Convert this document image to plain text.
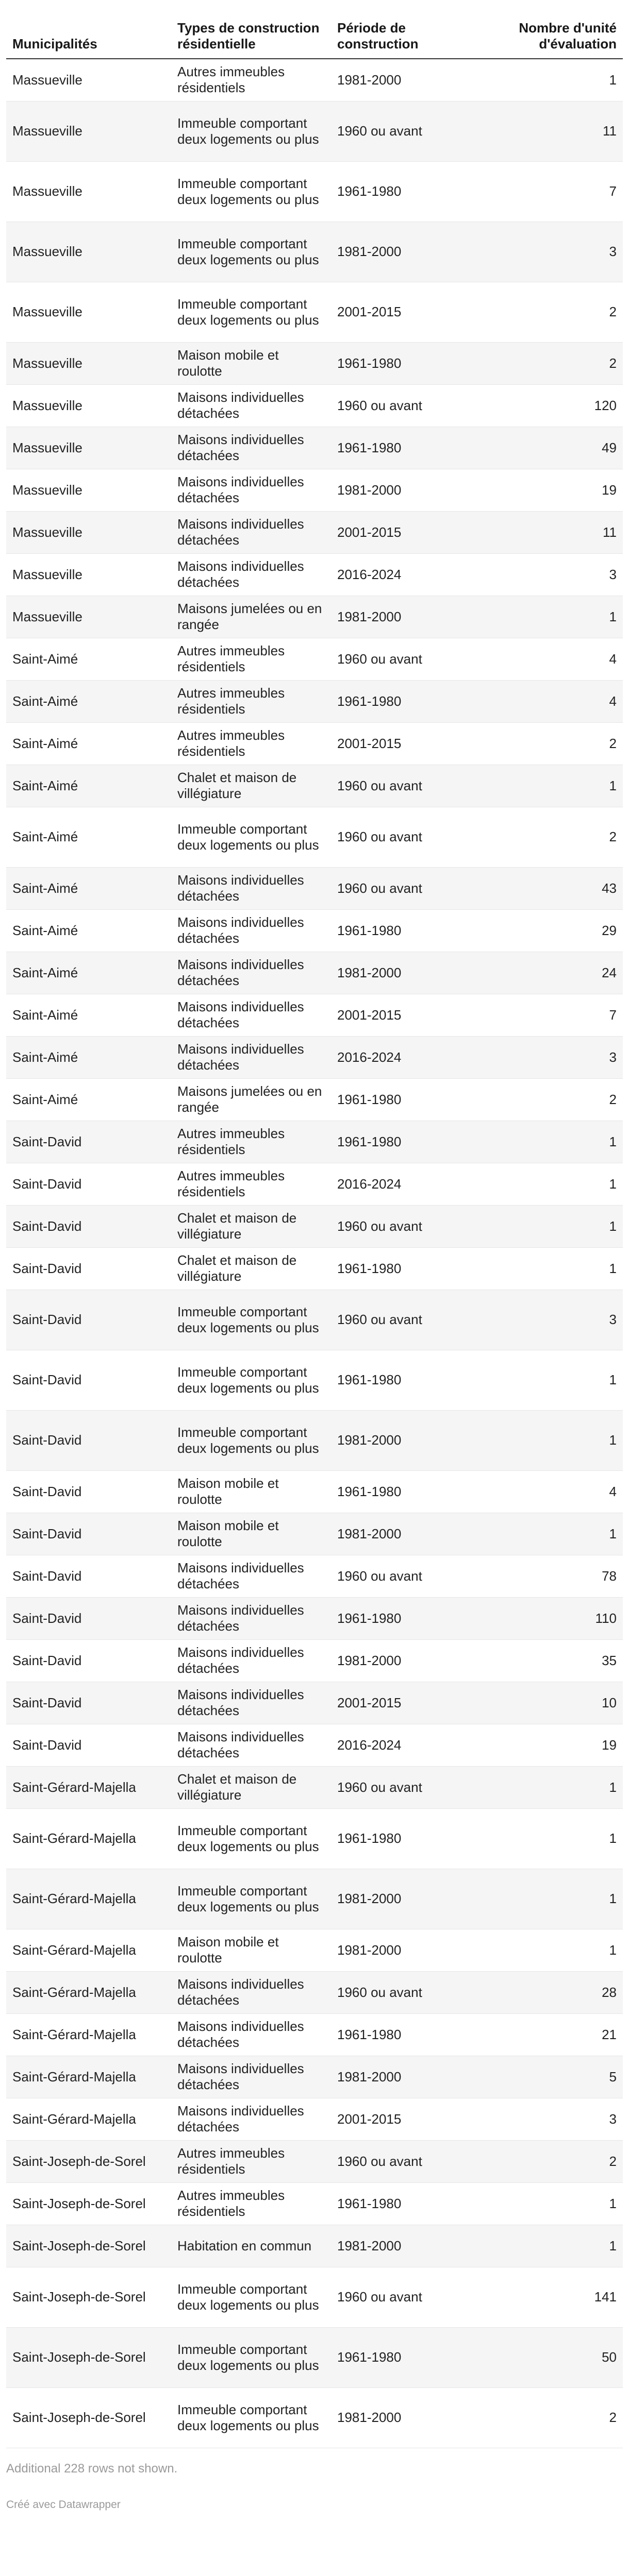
Municipalités	Types de construction résidentielle	Période de construction	Nombre d'unité d'évaluation
Massueville	Autres immeubles résidentiels	1981-2000	1
Massueville	Immeuble comportant deux logements ou plus	1960 ou avant	11
Massueville	Immeuble comportant deux logements ou plus	1961-1980	7
Massueville	Immeuble comportant deux logements ou plus	1981-2000	3
Massueville	Immeuble comportant deux logements ou plus	2001-2015	2
Massueville	Maison mobile et roulotte	1961-1980	2
Massueville	Maisons individuelles détachées	1960 ou avant	120
Massueville	Maisons individuelles détachées	1961-1980	49
Massueville	Maisons individuelles détachées	1981-2000	19
Massueville	Maisons individuelles détachées	2001-2015	11
Massueville	Maisons individuelles détachées	2016-2024	3
Massueville	Maisons jumelées ou en rangée	1981-2000	1
Saint-Aimé	Autres immeubles résidentiels	1960 ou avant	4
Saint-Aimé	Autres immeubles résidentiels	1961-1980	4
Saint-Aimé	Autres immeubles résidentiels	2001-2015	2
Saint-Aimé	Chalet et maison de villégiature	1960 ou avant	1
Saint-Aimé	Immeuble comportant deux logements ou plus	1960 ou avant	2
Saint-Aimé	Maisons individuelles détachées	1960 ou avant	43
Saint-Aimé	Maisons individuelles détachées	1961-1980	29
Saint-Aimé	Maisons individuelles détachées	1981-2000	24
Saint-Aimé	Maisons individuelles détachées	2001-2015	7
Saint-Aimé	Maisons individuelles détachées	2016-2024	3
Saint-Aimé	Maisons jumelées ou en rangée	1961-1980	2
Saint-David	Autres immeubles résidentiels	1961-1980	1
Saint-David	Autres immeubles résidentiels	2016-2024	1
Saint-David	Chalet et maison de villégiature	1960 ou avant	1
Saint-David	Chalet et maison de villégiature	1961-1980	1
Saint-David	Immeuble comportant deux logements ou plus	1960 ou avant	3
Saint-David	Immeuble comportant deux logements ou plus	1961-1980	1
Saint-David	Immeuble comportant deux logements ou plus	1981-2000	1
Saint-David	Maison mobile et roulotte	1961-1980	4
Saint-David	Maison mobile et roulotte	1981-2000	1
Saint-David	Maisons individuelles détachées	1960 ou avant	78
Saint-David	Maisons individuelles détachées	1961-1980	110
Saint-David	Maisons individuelles détachées	1981-2000	35
Saint-David	Maisons individuelles détachées	2001-2015	10
Saint-David	Maisons individuelles détachées	2016-2024	19
Saint-Gérard-Majella	Chalet et maison de villégiature	1960 ou avant	1
Saint-Gérard-Majella	Immeuble comportant deux logements ou plus	1961-1980	1
Saint-Gérard-Majella	Immeuble comportant deux logements ou plus	1981-2000	1
Saint-Gérard-Majella	Maison mobile et roulotte	1981-2000	1
Saint-Gérard-Majella	Maisons individuelles détachées	1960 ou avant	28
Saint-Gérard-Majella	Maisons individuelles détachées	1961-1980	21
Saint-Gérard-Majella	Maisons individuelles détachées	1981-2000	5
Saint-Gérard-Majella	Maisons individuelles détachées	2001-2015	3
Saint-Joseph-de-Sorel	Autres immeubles résidentiels	1960 ou avant	2
Saint-Joseph-de-Sorel	Autres immeubles résidentiels	1961-1980	1
Saint-Joseph-de-Sorel	Habitation en commun	1981-2000	1
Saint-Joseph-de-Sorel	Immeuble comportant deux logements ou plus	1960 ou avant	141
Saint-Joseph-de-Sorel	Immeuble comportant deux logements ou plus	1961-1980	50
Saint-Joseph-de-Sorel	Immeuble comportant deux logements ou plus	1981-2000	2
Additional 228 rows not shown.
Créé avec Datawrapper
